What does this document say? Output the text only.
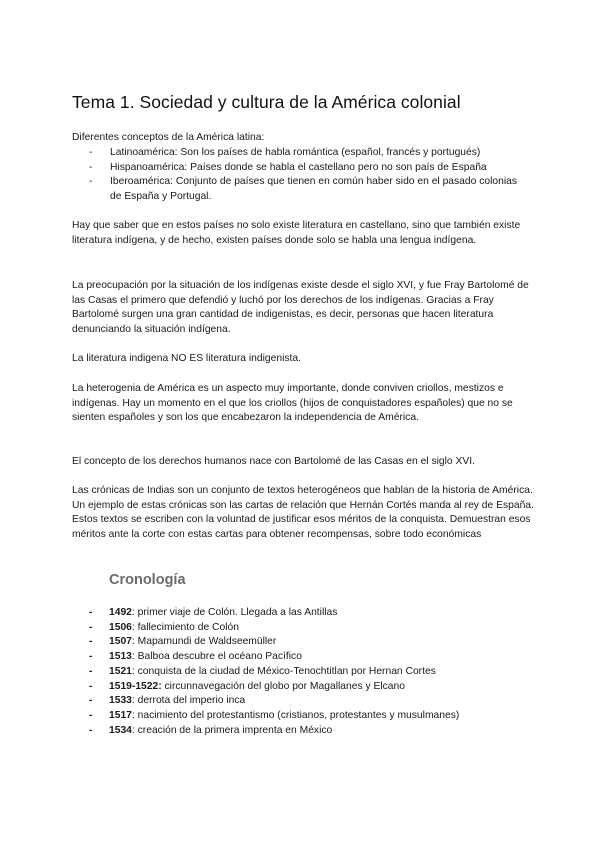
Tema 1. Sociedad y cultura de la América colonial

Diferentes conceptos de la América latina:

- Latinoamérica: Son los países de habla romántica (español, francés y portugués)
- Hispanoamérica: Países donde se habla el castellano pero no son país de España
- Iberoamérica: Conjunto de países que tienen en común haber sido en el pasado colonias de España y Portugal.

Hay que saber que en estos países no solo existe literatura en castellano, sino que también existe literatura indígena, y de hecho, existen países donde solo se habla una lengua indígena.

La preocupación por la situación de los indígenas existe desde el siglo XVI, y fue Fray Bartolomé de las Casas el primero que defendió y luchó por los derechos de los indígenas. Gracias a Fray Bartolomé surgen una gran cantidad de indigenistas, es decir, personas que hacen literatura denunciando la situación indígena.

La literatura indigena NO ES literatura indigenista.

La heterogenia de América es un aspecto muy importante, donde conviven criollos, mestizos e indígenas. Hay un momento en el que los criollos (hijos de conquistadores españoles) que no se sienten españoles y son los que encabezaron la independencia de América.

El concepto de los derechos humanos nace con Bartolomé de las Casas en el siglo XVI.

Las crónicas de Indias son un conjunto de textos heterogéneos que hablan de la historia de América. Un ejemplo de estas crónicas son las cartas de relación que Hernán Cortés manda al rey de España. Estos textos se escriben con la voluntad de justificar esos méritos de la conquista. Demuestran esos méritos ante la corte con estas cartas para obtener recompensas, sobre todo económicas

Cronología
- 1492: primer viaje de Colón. Llegada a las Antillas
- 1506: fallecimiento de Colón
- 1507: Mapamundi de Waldseemüller
- 1513: Balboa descubre el océano Pacífico
- 1521: conquista de la ciudad de México-Tenochtitlan por Hernan Cortes
- 1519-1522: circunnavegación del globo por Magallanes y Elcano
- 1533: derrota del imperio inca
- 1517: nacimiento del protestantismo (cristianos, protestantes y musulmanes)
- 1534: creación de la primera imprenta en México
